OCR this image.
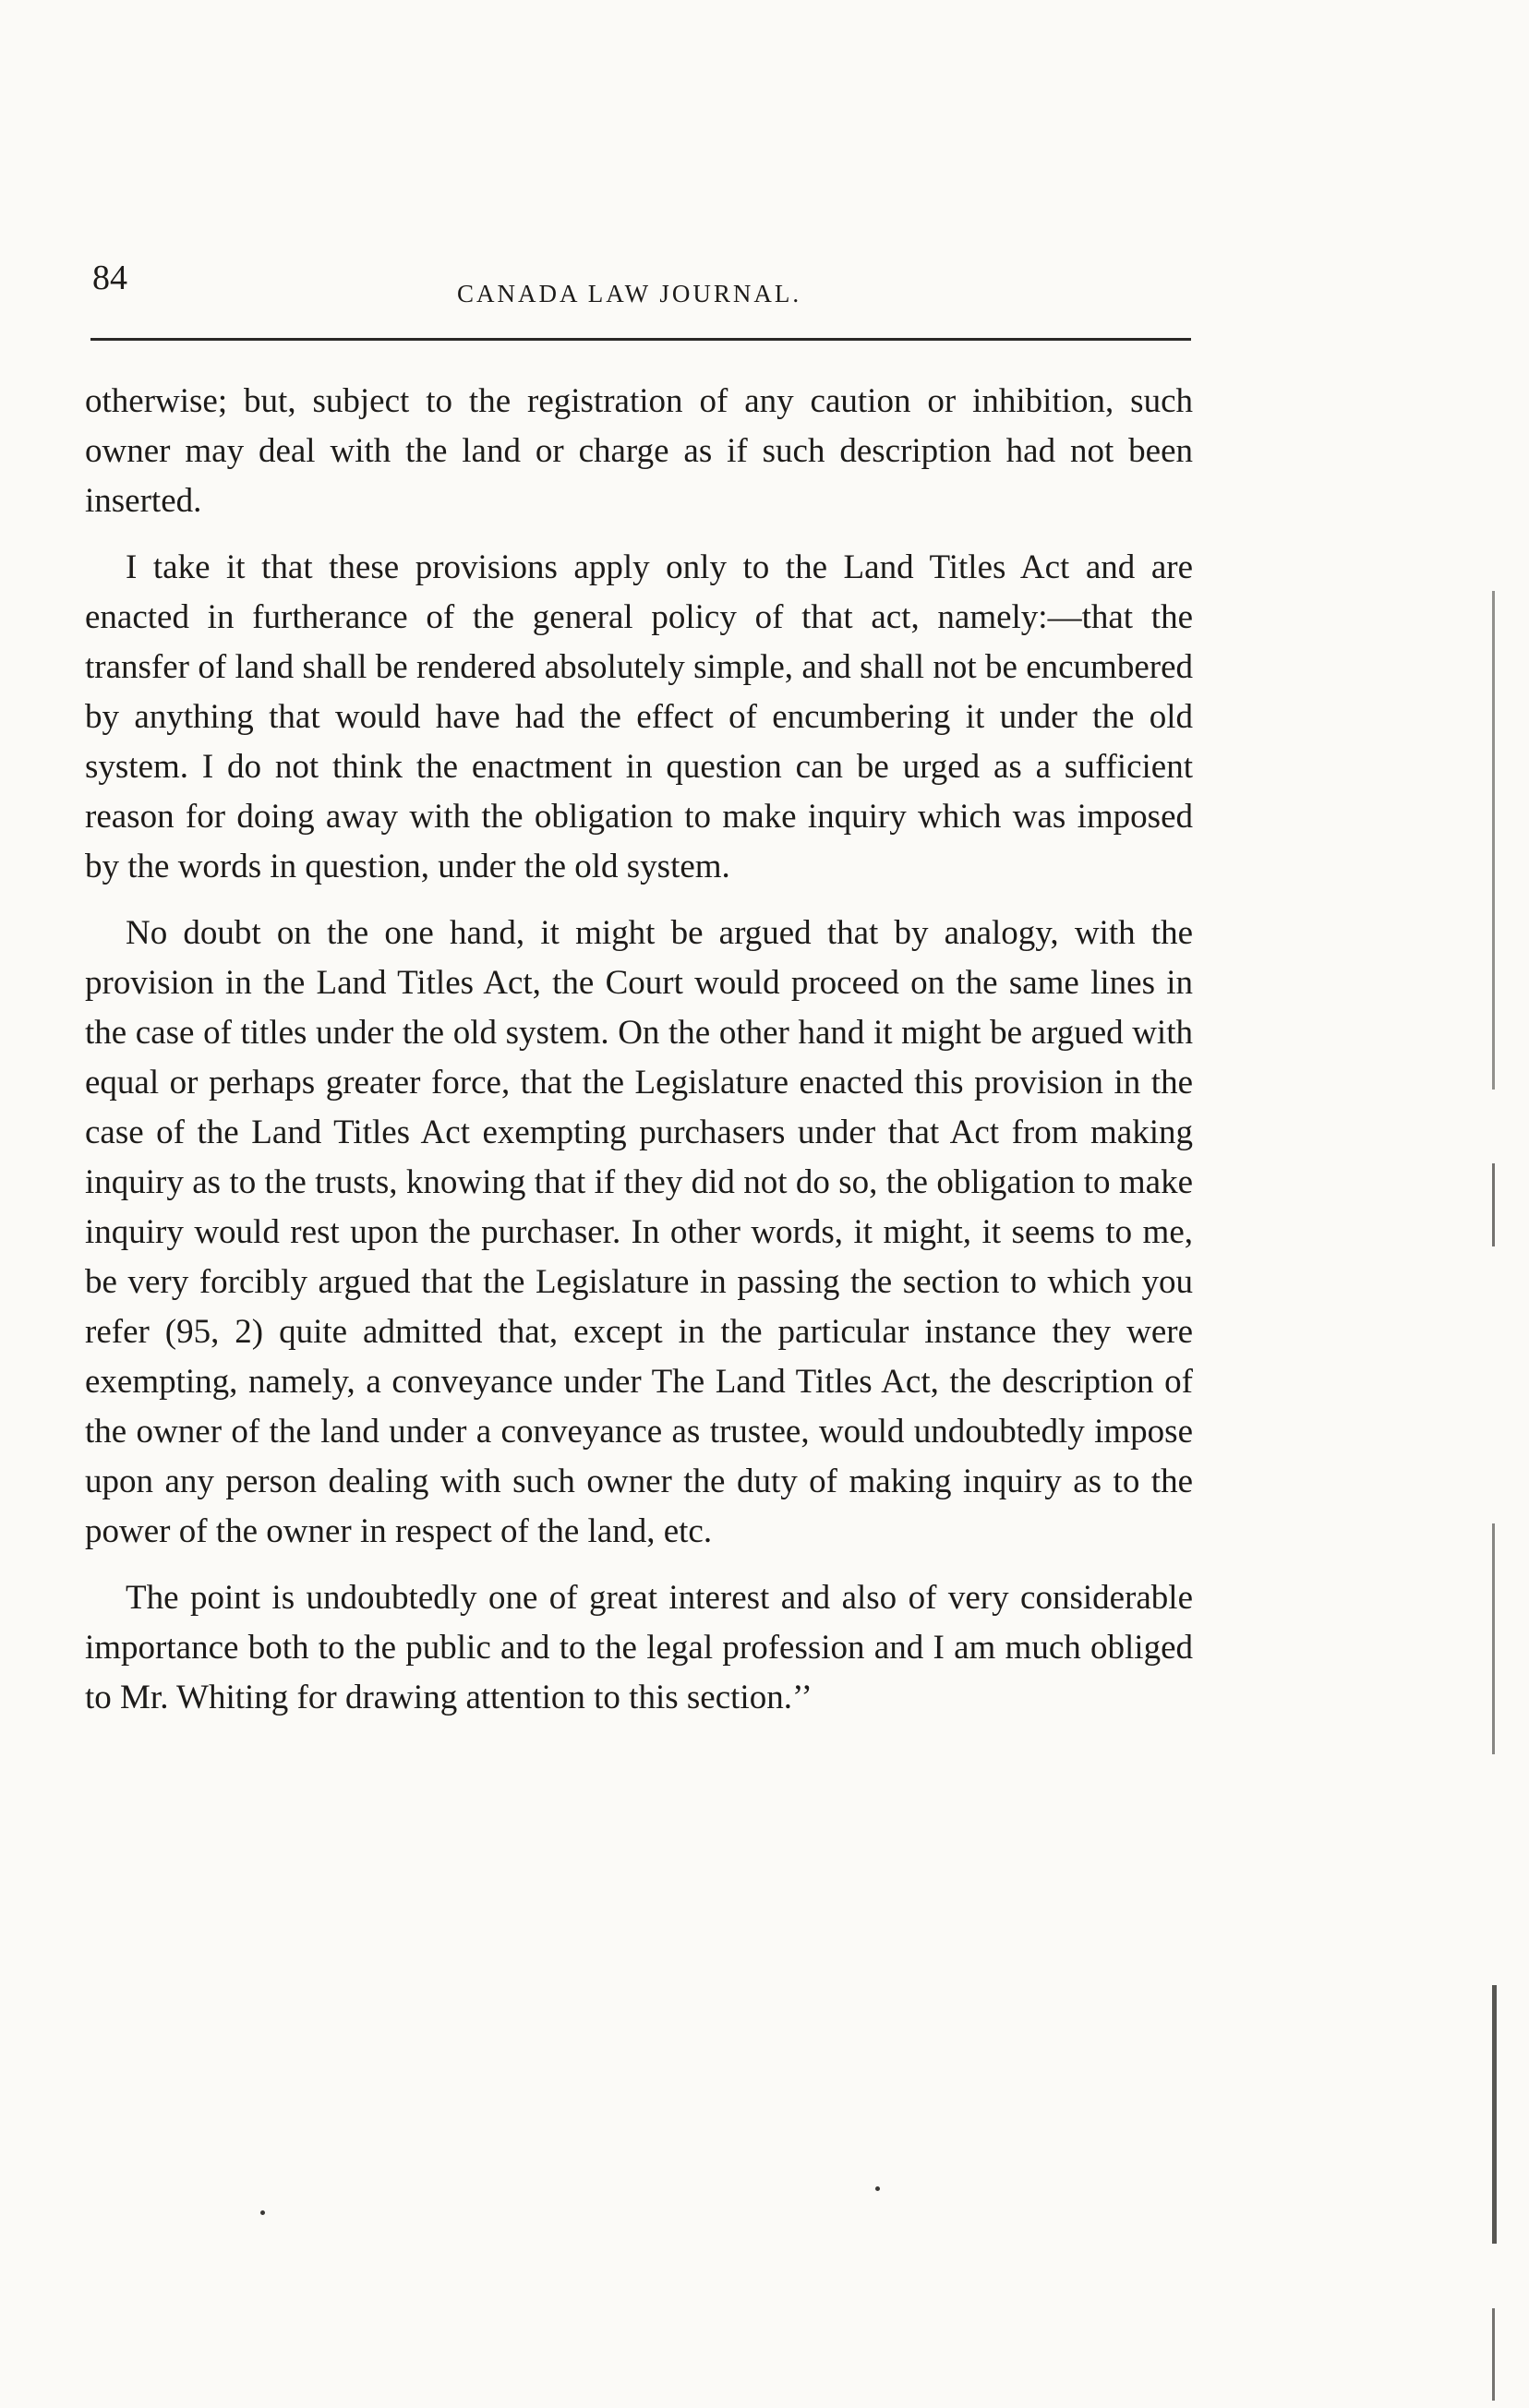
84	CANADA LAW JOURNAL.

otherwise; but, subject to the registration of any caution or inhibition, such owner may deal with the land or charge as if such description had not been inserted.

I take it that these provisions apply only to the Land Titles Act and are enacted in furtherance of the general policy of that act, namely:—that the transfer of land shall be rendered absolutely simple, and shall not be encumbered by anything that would have had the effect of encumbering it under the old system. I do not think the enactment in question can be urged as a sufficient reason for doing away with the obligation to make inquiry which was imposed by the words in question, under the old system.

No doubt on the one hand, it might be argued that by analogy, with the provision in the Land Titles Act, the Court would proceed on the same lines in the case of titles under the old system. On the other hand it might be argued with equal or perhaps greater force, that the Legislature enacted this provision in the case of the Land Titles Act exempting purchasers under that Act from making inquiry as to the trusts, knowing that if they did not do so, the obligation to make inquiry would rest upon the purchaser. In other words, it might, it seems to me, be very forcibly argued that the Legislature in passing the section to which you refer (95, 2) quite admitted that, except in the particular instance they were exempting, namely, a conveyance under The Land Titles Act, the description of the owner of the land under a conveyance as trustee, would undoubtedly impose upon any person dealing with such owner the duty of making inquiry as to the power of the owner in respect of the land, etc.

The point is undoubtedly one of great interest and also of very considerable importance both to the public and to the legal profession and I am much obliged to Mr. Whiting for drawing attention to this section.’’
